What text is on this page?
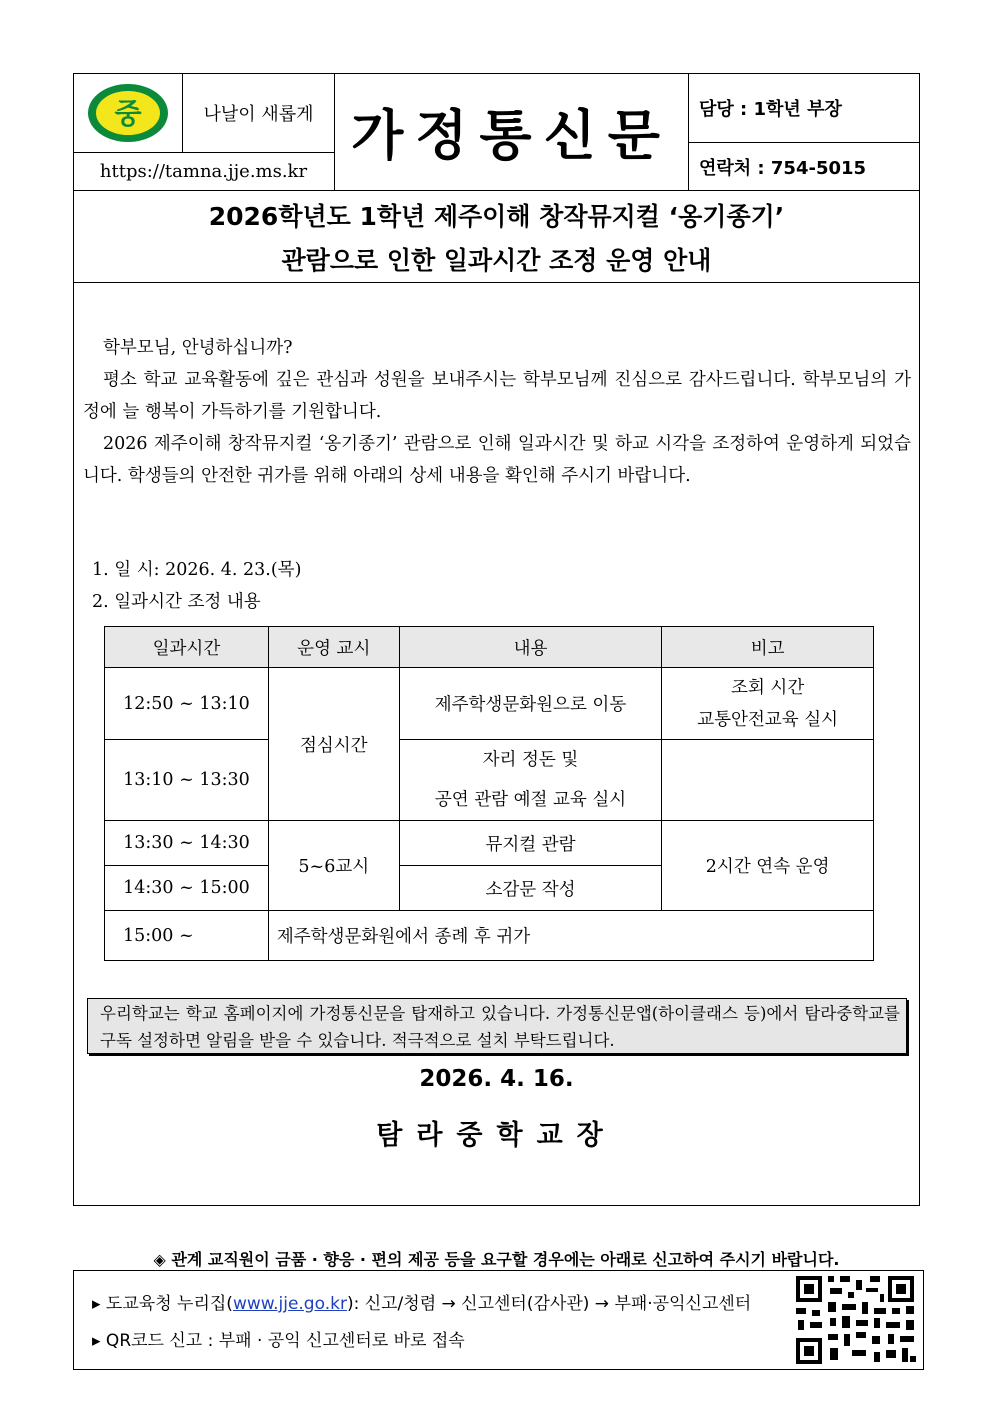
중	나날이 새롭게
https://tamna.jje.ms.kr
가정통신문	담당 : 1학년 부장
연락처 : 754-5015
2026학년도 1학년 제주이해 창작뮤지컬 ‘옹기종기’
관람으로 인한 일과시간 조정 운영 안내

학부모님, 안녕하십니까?

평소 학교 교육활동에 깊은 관심과 성원을 보내주시는 학부모님께 진심으로 감사드립니다. 학부모님의 가정에 늘 행복이 가득하기를 기원합니다.

2026 제주이해 창작뮤지컬 ‘옹기종기’ 관람으로 인해 일과시간 및 하교 시각을 조정하여 운영하게 되었습니다. 학생들의 안전한 귀가를 위해 아래의 상세 내용을 확인해 주시기 바랍니다.

1. 일 시: 2026. 4. 23.(목)
2. 일과시간 조정 내용
일과시간	운영 교시	내용	비고
12:50 ~ 13:10	점심시간	제주학생문화원으로 이동	조회 시간
교통안전교육 실시

13:10 ~ 13:30		자리 정돈 및
공연 관람 예절 교육 실시	

13:30 ~ 14:30	5~6교시	뮤지컬 관람	2시간 연속 운영
14:30 ~ 15:00		소감문 작성	
15:00 ~	제주학생문화원에서 종례 후 귀가		
우리학교는 학교 홈페이지에 가정통신문을 탑재하고 있습니다. 가정통신문앱(하이클래스 등)에서 탐라중학교를 구독 설정하면 알림을 받을 수 있습니다. 적극적으로 설치 부탁드립니다.
2026. 4. 16.
탐라중학교장
◈ 관계 교직원이 금품 · 향응 · 편의 제공 등을 요구할 경우에는 아래로 신고하여 주시기 바랍니다.
▸ 도교육청 누리집(www.jje.go.kr): 신고/청렴 → 신고센터(감사관) → 부패·공익신고센터
▸ QR코드 신고 : 부패 · 공익 신고센터로 바로 접속
